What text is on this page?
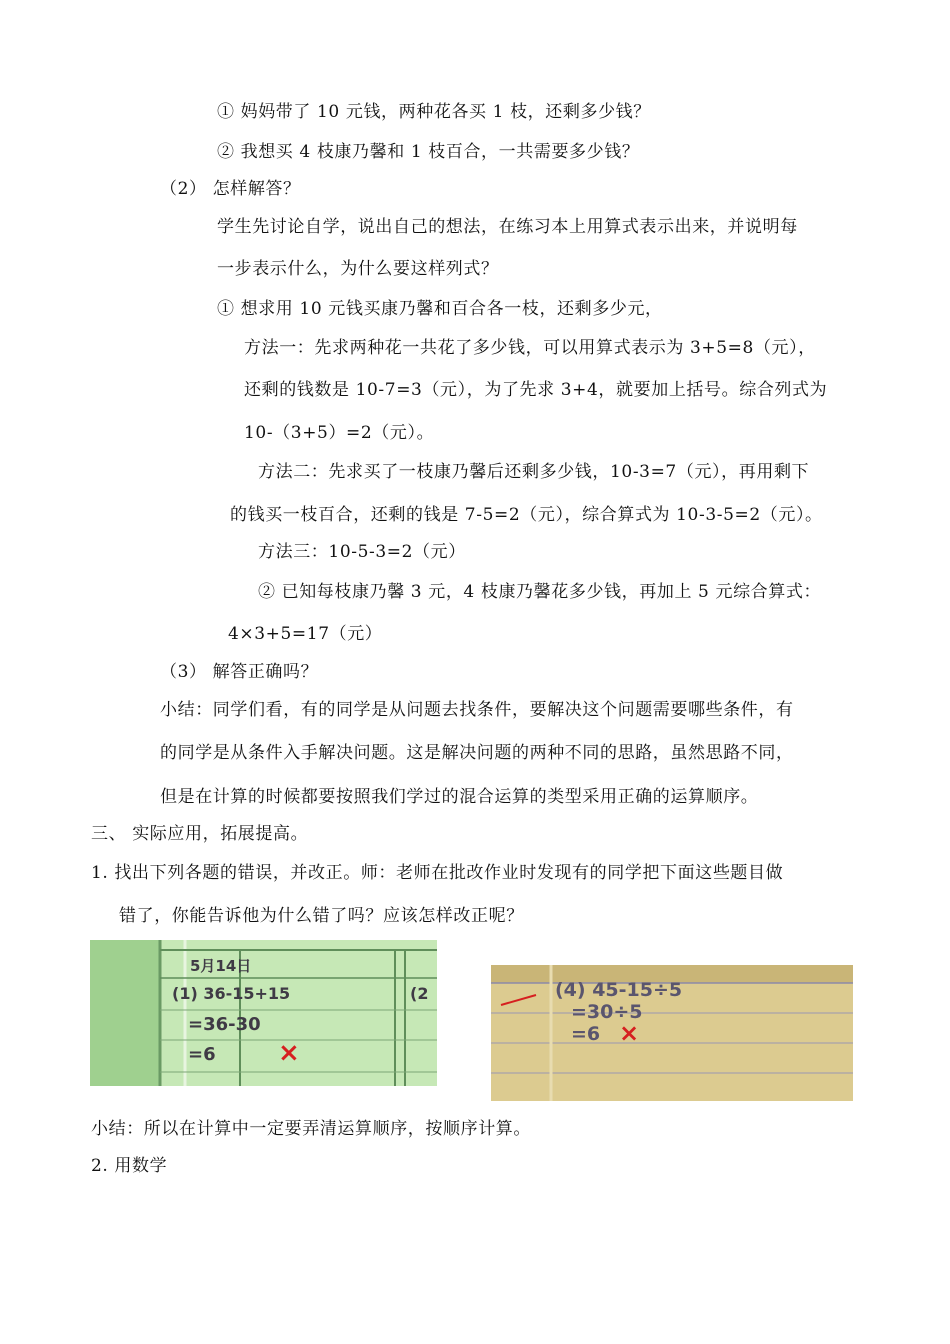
① 妈妈带了 10 元钱，两种花各买 1 枝，还剩多少钱？
② 我想买 4 枝康乃馨和 1 枝百合，一共需要多少钱？
（2） 怎样解答？
学生先讨论自学，说出自己的想法，在练习本上用算式表示出来，并说明每
一步表示什么，为什么要这样列式？
① 想求用 10 元钱买康乃馨和百合各一枝，还剩多少元，
方法一：先求两种花一共花了多少钱，可以用算式表示为 3+5=8（元），
还剩的钱数是 10-7=3（元），为了先求 3+4，就要加上括号。综合列式为
10-（3+5）=2（元）。
方法二：先求买了一枝康乃馨后还剩多少钱，10-3=7（元），再用剩下
的钱买一枝百合，还剩的钱是 7-5=2（元），综合算式为 10-3-5=2（元）。
方法三：10-5-3=2（元）
② 已知每枝康乃馨 3 元，4 枝康乃馨花多少钱，再加上 5 元综合算式：
4×3+5=17（元）
（3） 解答正确吗？
小结：同学们看，有的同学是从问题去找条件，要解决这个问题需要哪些条件，有
的同学是从条件入手解决问题。这是解决问题的两种不同的思路，虽然思路不同，
但是在计算的时候都要按照我们学过的混合运算的类型采用正确的运算顺序。
三、 实际应用，拓展提高。
1. 找出下列各题的错误，并改正。师：老师在批改作业时发现有的同学把下面这些题目做
错了，你能告诉他为什么错了吗？应该怎样改正呢？
5月14日
(1) 36-15+15	(2
=36-30
=6 ×
(4) 45-15÷5
=30÷5
=6 ×
小结：所以在计算中一定要弄清运算顺序，按顺序计算。
2. 用数学
